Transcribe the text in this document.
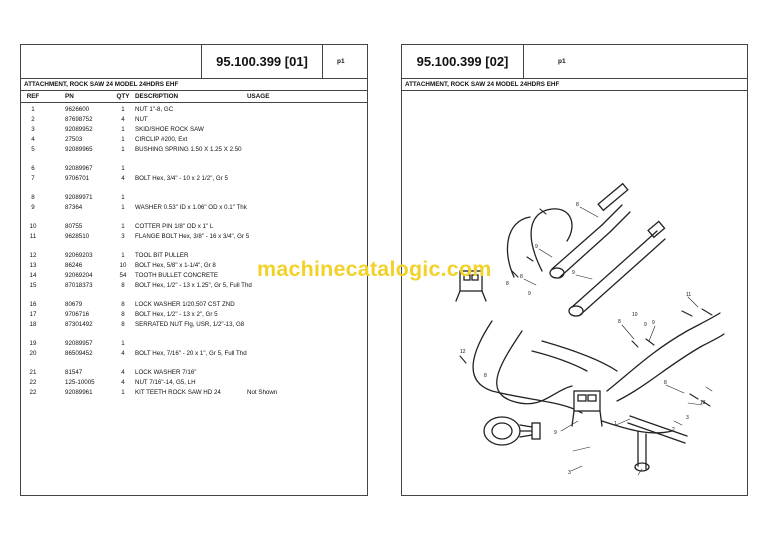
95.100.399 [01]	p1
ATTACHMENT, ROCK SAW 24 MODEL 24HDRS EHF
REF	PN	QTY DESCRIPTION	USAGE
1	9626600	1	NUT 1"-8, GC
2	87698752	4	NUT
3	92089952	1	SKID/SHOE ROCK SAW
4	27503	1	CIRCLIP #200, Ext
5	92089965	1	BUSHING SPRING 1.50 X 1.25 X 2.50
6	92089967	1
7	9706701	4	BOLT Hex, 3/4" - 10 x 2 1/2", Gr 5
8	92089971	1
9	87364	1	WASHER 0.53" ID x 1.06" OD x 0.1" Thk
10	80755	1	COTTER PIN 1/8" OD x 1" L
11	9628510	3	FLANGE BOLT Hex, 3/8" - 16 x 3/4", Gr 5
12	92069203	1	TOOL BIT PULLER
13	86246	10	BOLT Hex, 5/8" x 1-1/4", Gr 8
14	92069204	54	TOOTH BULLET CONCRETE
15	87018373	8	BOLT Hex, 1/2" - 13 x 1.25", Gr 5, Full Thd
16	80679	8	LOCK WASHER 1/20.507 CST ZND
17	9706716	8	BOLT Hex, 1/2" - 13 x 2", Gr 5
18	87301492	8	SERRATED NUT Flg, USR, 1/2"-13, G8
19	92089957	1
20	86509452	4	BOLT Hex, 7/16" - 20 x 1", Gr 5, Full Thd
21	81547	4	LOCK WASHER 7/16"
22	125-10005	4	NUT 7/16"-14, G5, LH
22	92089961	1	KIT TEETH ROCK SAW HD 24	Not Shown
95.100.399 [02]	p1
ATTACHMENT, ROCK SAW 24 MODEL 24HDRS EHF
8
9
8
9
8
8
9
9
10
11
9
12
8
9
8
13
3
2
1
3
machinecatalogic.com
